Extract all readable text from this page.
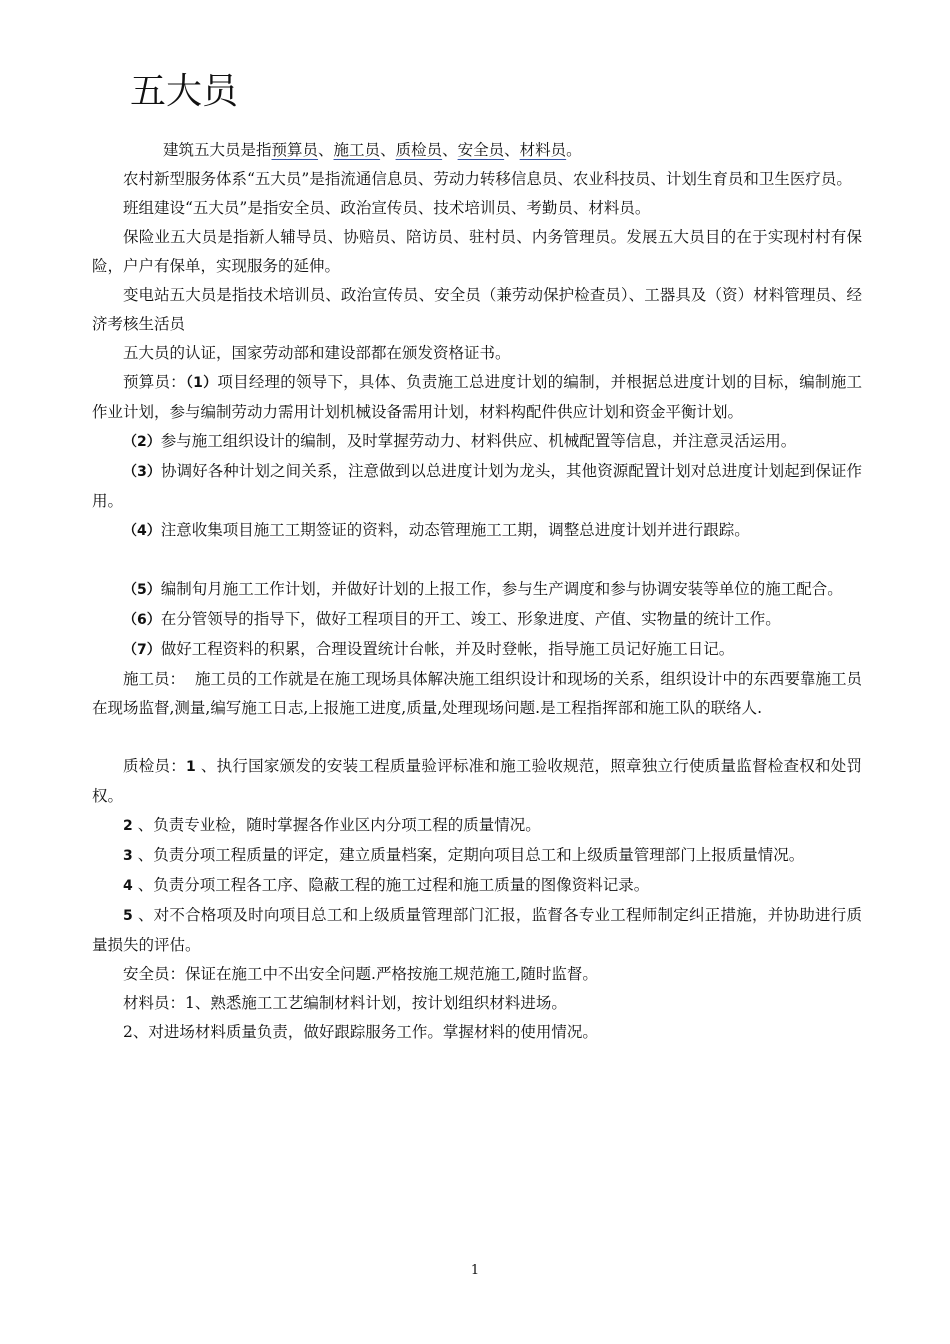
五大员

建筑五大员是指预算员、施工员、质检员、安全员、材料员。

农村新型服务体系“五大员”是指流通信息员、劳动力转移信息员、农业科技员、计划生育员和卫生医疗员。

班组建设“五大员”是指安全员、政治宣传员、技术培训员、考勤员、材料员。

保险业五大员是指新人辅导员、协赔员、陪访员、驻村员、内务管理员。发展五大员目的在于实现村村有保险，户户有保单，实现服务的延伸。

变电站五大员是指技术培训员、政治宣传员、安全员（兼劳动保护检查员）、工器具及（资）材料管理员、经济考核生活员

五大员的认证，国家劳动部和建设部都在颁发资格证书。

预算员：（1）项目经理的领导下，具体、负责施工总进度计划的编制，并根据总进度计划的目标，编制施工作业计划，参与编制劳动力需用计划机械设备需用计划，材料构配件供应计划和资金平衡计划。

（2）参与施工组织设计的编制，及时掌握劳动力、材料供应、机械配置等信息，并注意灵活运用。

（3）协调好各种计划之间关系，注意做到以总进度计划为龙头，其他资源配置计划对总进度计划起到保证作用。

（4）注意收集项目施工工期签证的资料，动态管理施工工期，调整总进度计划并进行跟踪。

（5）编制旬月施工工作计划，并做好计划的上报工作，参与生产调度和参与协调安装等单位的施工配合。

（6）在分管领导的指导下，做好工程项目的开工、竣工、形象进度、产值、实物量的统计工作。

（7）做好工程资料的积累，合理设置统计台帐，并及时登帐，指导施工员记好施工日记。

施工员： 施工员的工作就是在施工现场具体解决施工组织设计和现场的关系，组织设计中的东西要靠施工员在现场监督,测量,编写施工日志,上报施工进度,质量,处理现场问题.是工程指挥部和施工队的联络人.

质检员：1 、执行国家颁发的安装工程质量验评标准和施工验收规范，照章独立行使质量监督检查权和处罚权。

2 、负责专业检，随时掌握各作业区内分项工程的质量情况。

3 、负责分项工程质量的评定，建立质量档案，定期向项目总工和上级质量管理部门上报质量情况。

4 、负责分项工程各工序、隐蔽工程的施工过程和施工质量的图像资料记录。

5 、对不合格项及时向项目总工和上级质量管理部门汇报，监督各专业工程师制定纠正措施，并协助进行质量损失的评估。

安全员：保证在施工中不出安全问题.严格按施工规范施工,随时监督。

材料员：1、熟悉施工工艺编制材料计划，按计划组织材料进场。

2、对进场材料质量负责，做好跟踪服务工作。掌握材料的使用情况。

1
